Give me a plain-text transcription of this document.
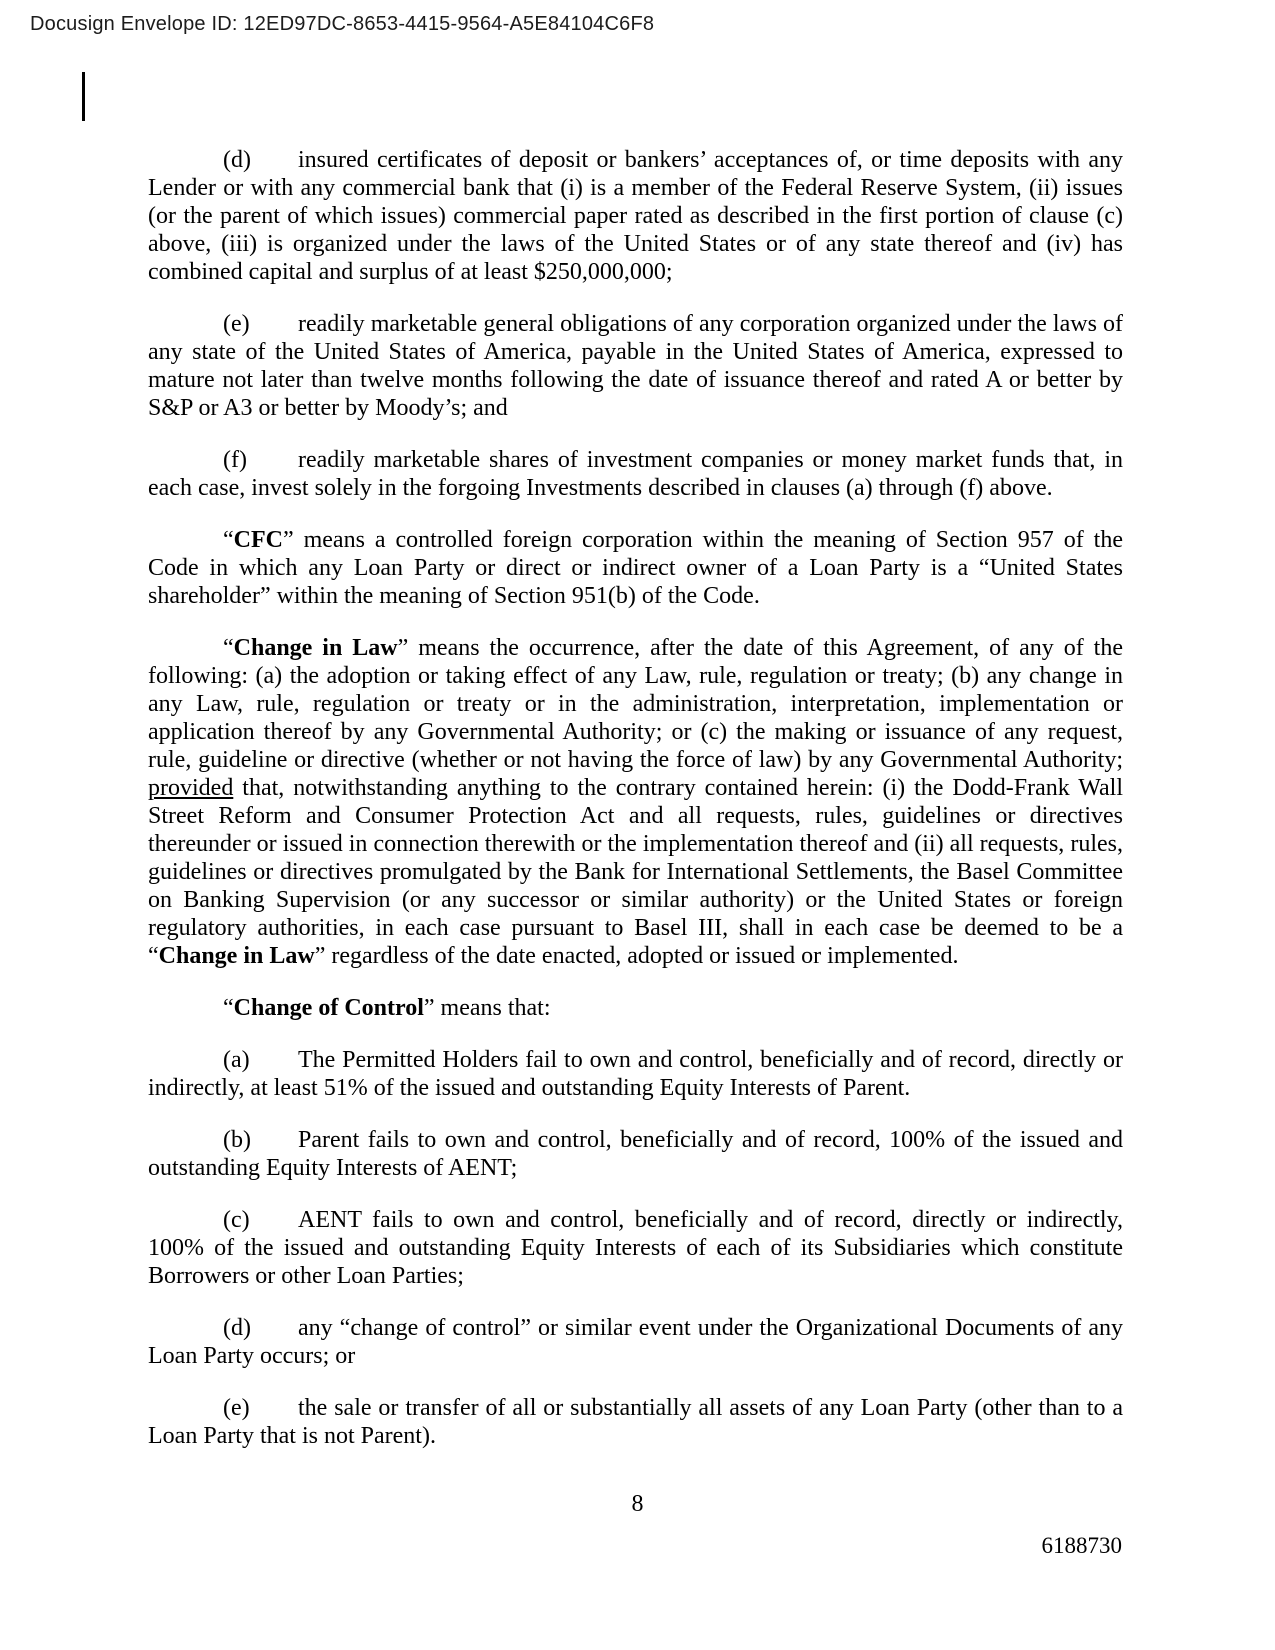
Docusign Envelope ID: 12ED97DC-8653-4415-9564-A5E84104C6F8

(d) insured certificates of deposit or bankers’ acceptances of, or time deposits with any Lender or with any commercial bank that (i) is a member of the Federal Reserve System, (ii) issues (or the parent of which issues) commercial paper rated as described in the first portion of clause (c) above, (iii) is organized under the laws of the United States or of any state thereof and (iv) has combined capital and surplus of at least $250,000,000;

(e) readily marketable general obligations of any corporation organized under the laws of any state of the United States of America, payable in the United States of America, expressed to mature not later than twelve months following the date of issuance thereof and rated A or better by S&P or A3 or better by Moody’s; and

(f) readily marketable shares of investment companies or money market funds that, in each case, invest solely in the forgoing Investments described in clauses (a) through (f) above.

“CFC” means a controlled foreign corporation within the meaning of Section 957 of the Code in which any Loan Party or direct or indirect owner of a Loan Party is a “United States shareholder” within the meaning of Section 951(b) of the Code.

“Change in Law” means the occurrence, after the date of this Agreement, of any of the following: (a) the adoption or taking effect of any Law, rule, regulation or treaty; (b) any change in any Law, rule, regulation or treaty or in the administration, interpretation, implementation or application thereof by any Governmental Authority; or (c) the making or issuance of any request, rule, guideline or directive (whether or not having the force of law) by any Governmental Authority; provided that, notwithstanding anything to the contrary contained herein: (i) the Dodd-Frank Wall Street Reform and Consumer Protection Act and all requests, rules, guidelines or directives thereunder or issued in connection therewith or the implementation thereof and (ii) all requests, rules, guidelines or directives promulgated by the Bank for International Settlements, the Basel Committee on Banking Supervision (or any successor or similar authority) or the United States or foreign regulatory authorities, in each case pursuant to Basel III, shall in each case be deemed to be a “Change in Law” regardless of the date enacted, adopted or issued or implemented.

“Change of Control” means that:

(a) The Permitted Holders fail to own and control, beneficially and of record, directly or indirectly, at least 51% of the issued and outstanding Equity Interests of Parent.

(b) Parent fails to own and control, beneficially and of record, 100% of the issued and outstanding Equity Interests of AENT;

(c) AENT fails to own and control, beneficially and of record, directly or indirectly, 100% of the issued and outstanding Equity Interests of each of its Subsidiaries which constitute Borrowers or other Loan Parties;

(d) any “change of control” or similar event under the Organizational Documents of any Loan Party occurs; or

(e) the sale or transfer of all or substantially all assets of any Loan Party (other than to a Loan Party that is not Parent).

8
6188730
